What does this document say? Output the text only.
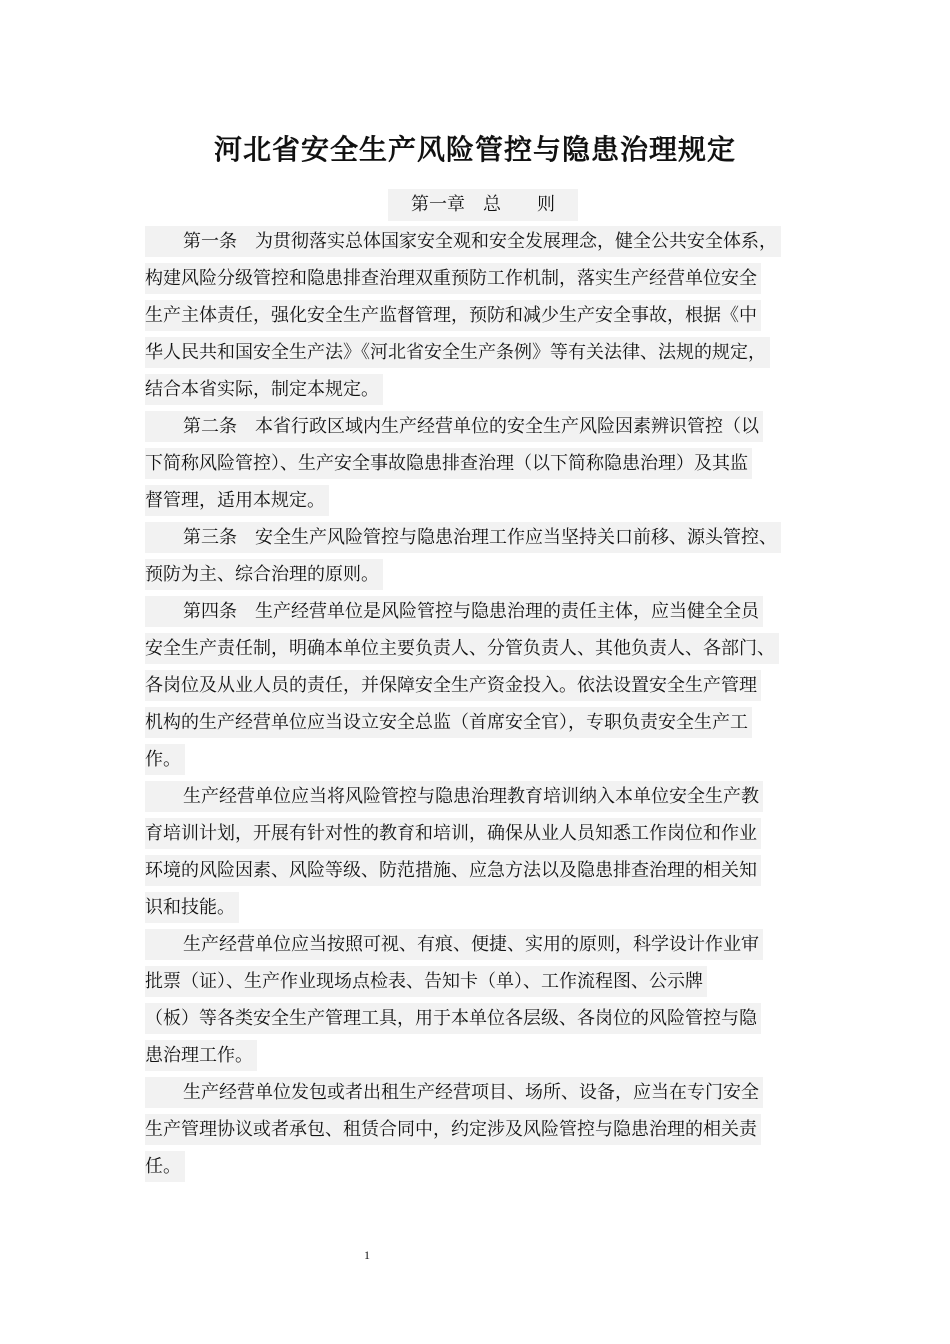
河北省安全生产风险管控与隐患治理规定
第一章　总　　则
第一条　为贯彻落实总体国家安全观和安全发展理念，健全公共安全体系，
构建风险分级管控和隐患排查治理双重预防工作机制，落实生产经营单位安全
生产主体责任，强化安全生产监督管理，预防和减少生产安全事故，根据《中
华人民共和国安全生产法》《河北省安全生产条例》等有关法律、法规的规定，
结合本省实际，制定本规定。
第二条　本省行政区域内生产经营单位的安全生产风险因素辨识管控（以
下简称风险管控）、生产安全事故隐患排查治理（以下简称隐患治理）及其监
督管理，适用本规定。
第三条　安全生产风险管控与隐患治理工作应当坚持关口前移、源头管控、
预防为主、综合治理的原则。
第四条　生产经营单位是风险管控与隐患治理的责任主体，应当健全全员
安全生产责任制，明确本单位主要负责人、分管负责人、其他负责人、各部门、
各岗位及从业人员的责任，并保障安全生产资金投入。依法设置安全生产管理
机构的生产经营单位应当设立安全总监（首席安全官），专职负责安全生产工
作。
生产经营单位应当将风险管控与隐患治理教育培训纳入本单位安全生产教
育培训计划，开展有针对性的教育和培训，确保从业人员知悉工作岗位和作业
环境的风险因素、风险等级、防范措施、应急方法以及隐患排查治理的相关知
识和技能。
生产经营单位应当按照可视、有痕、便捷、实用的原则，科学设计作业审
批票（证）、生产作业现场点检表、告知卡（单）、工作流程图、公示牌
（板）等各类安全生产管理工具，用于本单位各层级、各岗位的风险管控与隐
患治理工作。
生产经营单位发包或者出租生产经营项目、场所、设备，应当在专门安全
生产管理协议或者承包、租赁合同中，约定涉及风险管控与隐患治理的相关责
任。
1
